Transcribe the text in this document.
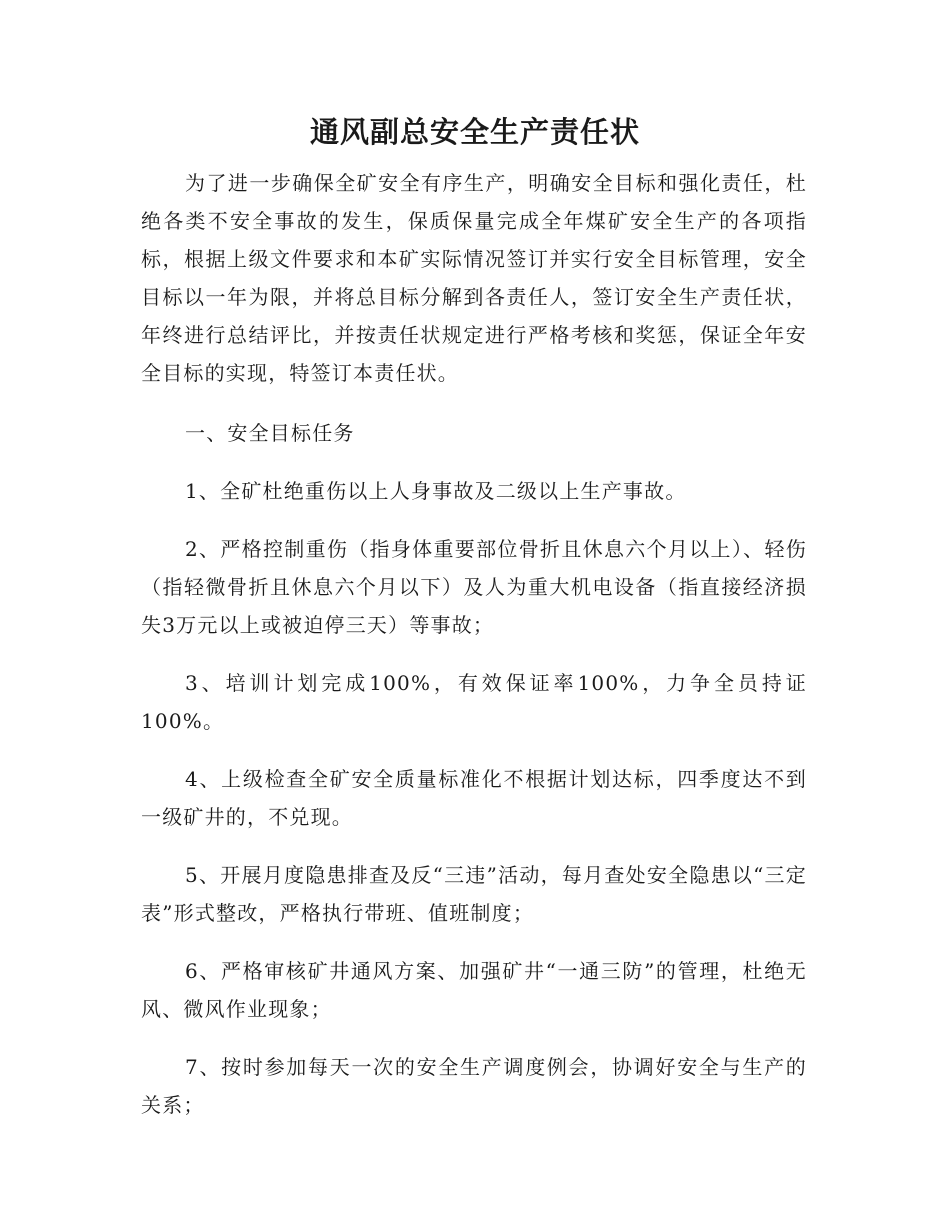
通风副总安全生产责任状

为了进一步确保全矿安全有序生产，明确安全目标和强化责任，杜绝各类不安全事故的发生，保质保量完成全年煤矿安全生产的各项指标，根据上级文件要求和本矿实际情况签订并实行安全目标管理，安全目标以一年为限，并将总目标分解到各责任人，签订安全生产责任状，年终进行总结评比，并按责任状规定进行严格考核和奖惩，保证全年安全目标的实现，特签订本责任状。

一、安全目标任务

1、全矿杜绝重伤以上人身事故及二级以上生产事故。

2、严格控制重伤（指身体重要部位骨折且休息六个月以上）、轻伤（指轻微骨折且休息六个月以下）及人为重大机电设备（指直接经济损失3万元以上或被迫停三天）等事故；

3、培训计划完成100%，有效保证率100%，力争全员持证100%。

4、上级检查全矿安全质量标准化不根据计划达标，四季度达不到一级矿井的，不兑现。

5、开展月度隐患排查及反“三违”活动，每月查处安全隐患以“三定表”形式整改，严格执行带班、值班制度；

6、严格审核矿井通风方案、加强矿井“一通三防”的管理，杜绝无风、微风作业现象；

7、按时参加每天一次的安全生产调度例会，协调好安全与生产的关系；
